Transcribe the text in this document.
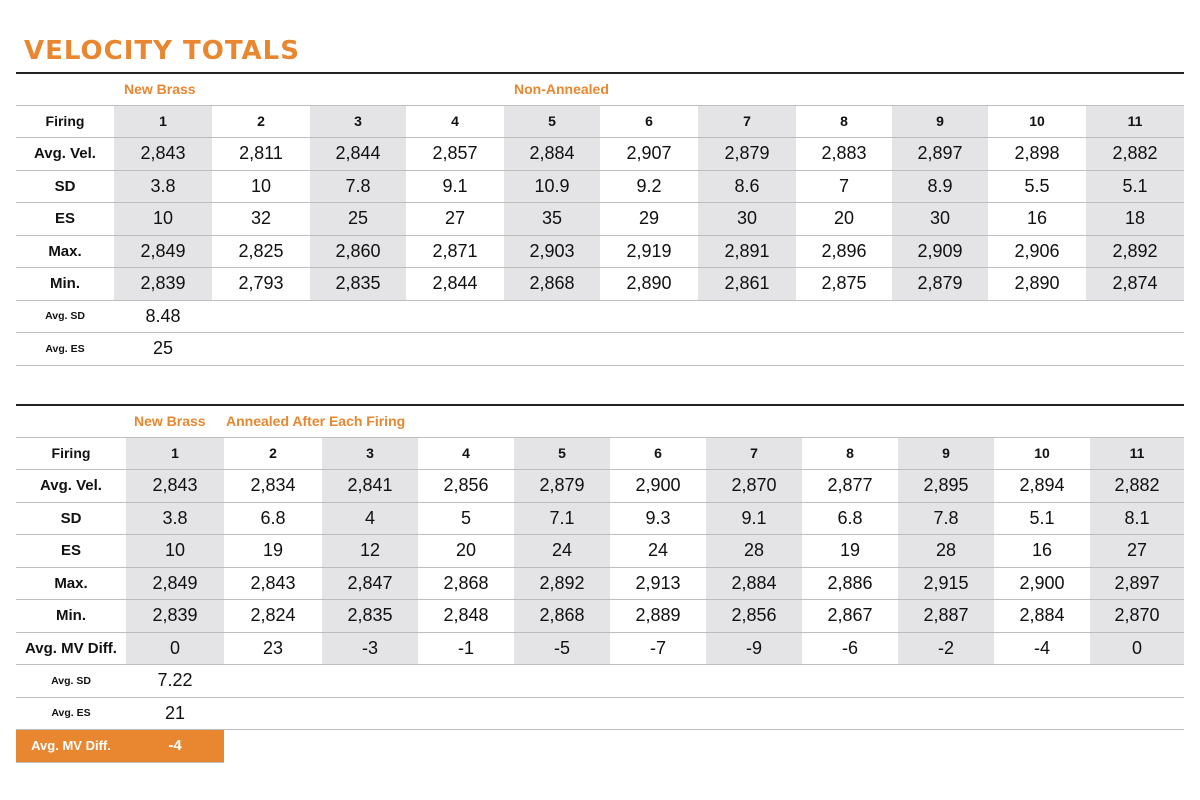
VELOCITY TOTALS
	New Brass				Non-Annealed						
Firing	1	2	3	4	5	6	7	8	9	10	11
Avg. Vel.	2,843	2,811	2,844	2,857	2,884	2,907	2,879	2,883	2,897	2,898	2,882
SD	3.8	10	7.8	9.1	10.9	9.2	8.6	7	8.9	5.5	5.1
ES	10	32	25	27	35	29	30	20	30	16	18
Max.	2,849	2,825	2,860	2,871	2,903	2,919	2,891	2,896	2,909	2,906	2,892
Min.	2,839	2,793	2,835	2,844	2,868	2,890	2,861	2,875	2,879	2,890	2,874
Avg. SD	8.48										
Avg. ES	25										
	New Brass	Annealed After Each Firing									
Firing	1	2	3	4	5	6	7	8	9	10	11
Avg. Vel.	2,843	2,834	2,841	2,856	2,879	2,900	2,870	2,877	2,895	2,894	2,882
SD	3.8	6.8	4	5	7.1	9.3	9.1	6.8	7.8	5.1	8.1
ES	10	19	12	20	24	24	28	19	28	16	27
Max.	2,849	2,843	2,847	2,868	2,892	2,913	2,884	2,886	2,915	2,900	2,897
Min.	2,839	2,824	2,835	2,848	2,868	2,889	2,856	2,867	2,887	2,884	2,870
Avg. MV Diff.	0	23	-3	-1	-5	-7	-9	-6	-2	-4	0
Avg. SD	7.22										
Avg. ES	21										
Avg. MV Diff.	-4										
